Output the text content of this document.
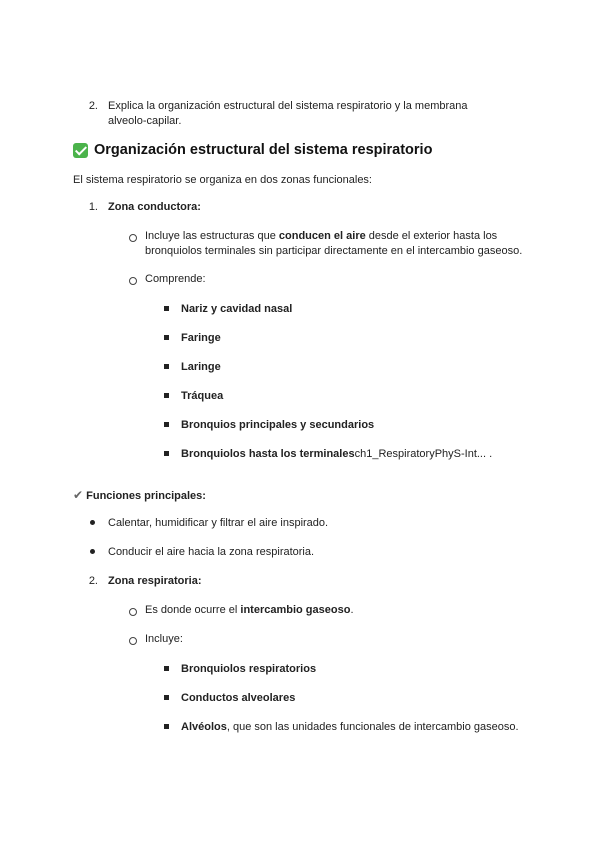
2. Explica la organización estructural del sistema respiratorio y la membrana
alveolo-capilar.
Organización estructural del sistema respiratorio
El sistema respiratorio se organiza en dos zonas funcionales:
1. Zona conductora:
Incluye las estructuras que conducen el aire desde el exterior hasta los
bronquiolos terminales sin participar directamente en el intercambio gaseoso.
Comprende:
Nariz y cavidad nasal
Faringe
Laringe
Tráquea
Bronquios principales y secundarios
Bronquiolos hasta los terminalesch1_RespiratoryPhyS-Int... .
✔ Funciones principales:
Calentar, humidificar y filtrar el aire inspirado.
Conducir el aire hacia la zona respiratoria.
2. Zona respiratoria:
Es donde ocurre el intercambio gaseoso.
Incluye:
Bronquiolos respiratorios
Conductos alveolares
Alvéolos, que son las unidades funcionales de intercambio gaseoso.
